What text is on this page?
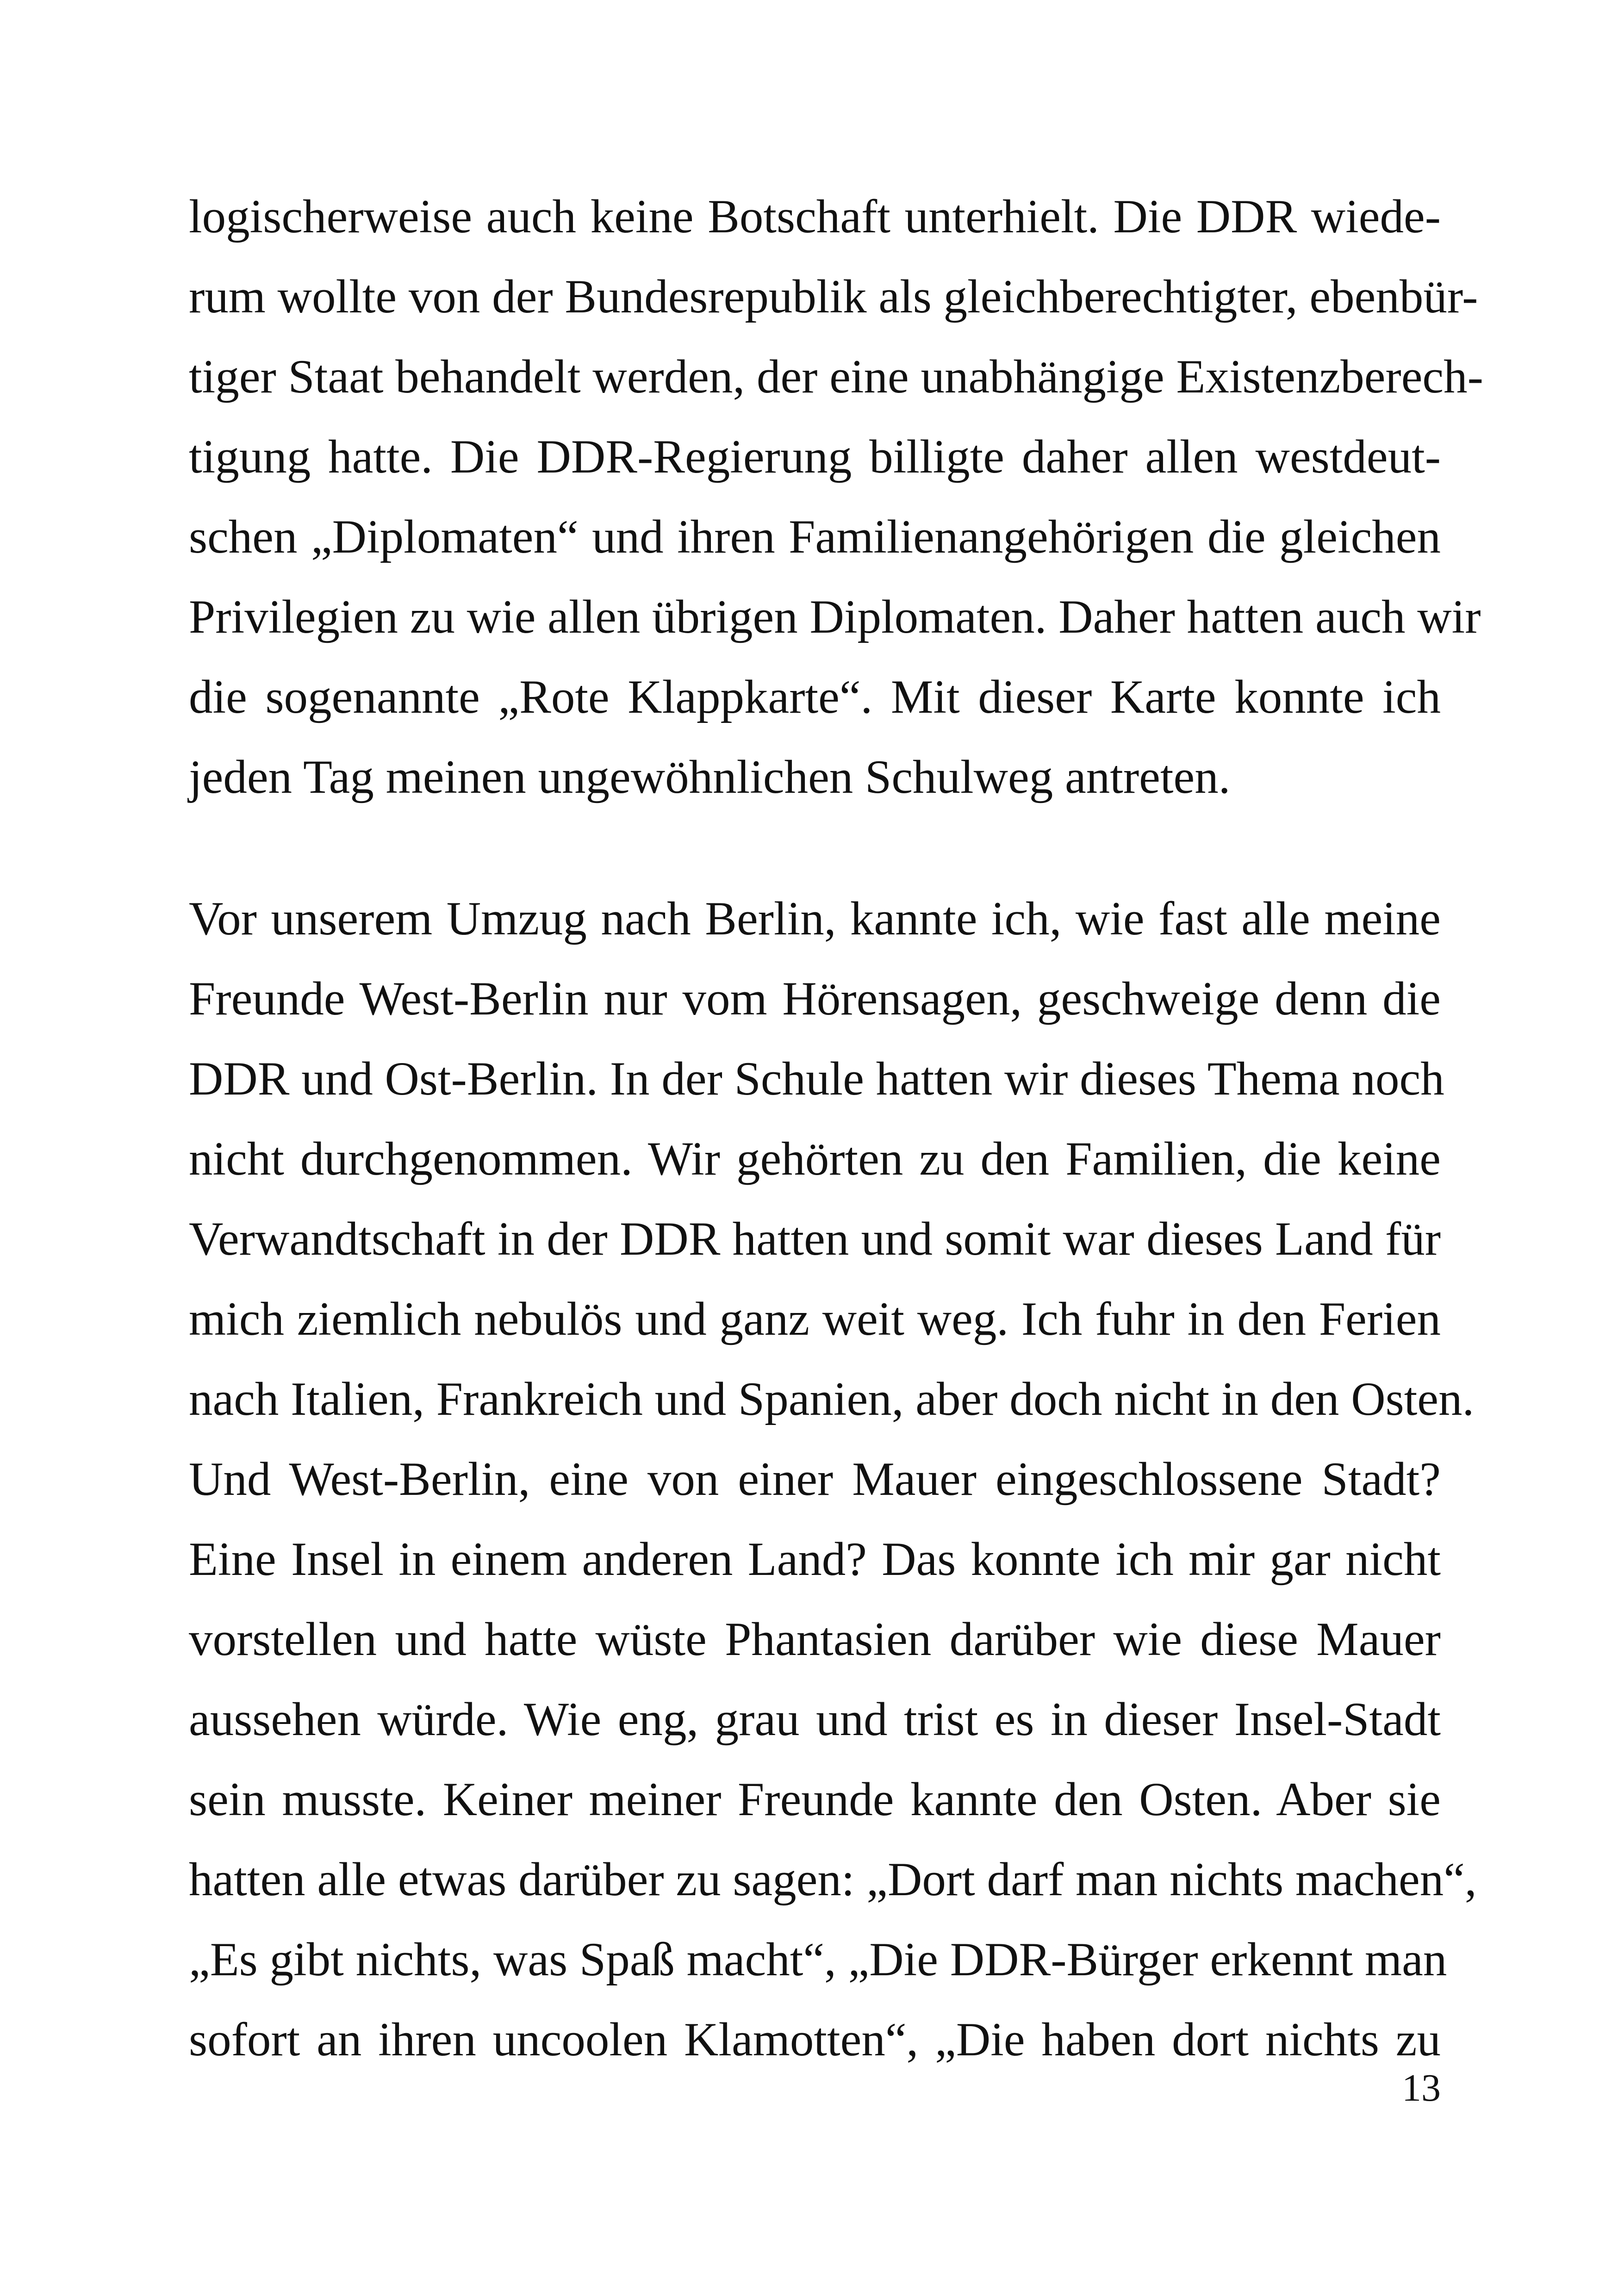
logischerweise auch keine Botschaft unterhielt. Die DDR wiede-
rum wollte von der Bundesrepublik als gleichberechtigter, ebenbür-
tiger Staat behandelt werden, der eine unabhängige Existenzberech-
tigung hatte. Die DDR-Regierung billigte daher allen westdeut-
schen „Diplomaten“ und ihren Familienangehörigen die gleichen
Privilegien zu wie allen übrigen Diplomaten. Daher hatten auch wir
die sogenannte „Rote Klappkarte“. Mit dieser Karte konnte ich
jeden Tag meinen ungewöhnlichen Schulweg antreten.
Vor unserem Umzug nach Berlin, kannte ich, wie fast alle meine
Freunde West-Berlin nur vom Hörensagen, geschweige denn die
DDR und Ost-Berlin. In der Schule hatten wir dieses Thema noch
nicht durchgenommen. Wir gehörten zu den Familien, die keine
Verwandtschaft in der DDR hatten und somit war dieses Land für
mich ziemlich nebulös und ganz weit weg. Ich fuhr in den Ferien
nach Italien, Frankreich und Spanien, aber doch nicht in den Osten.
Und West-Berlin, eine von einer Mauer eingeschlossene Stadt?
Eine Insel in einem anderen Land? Das konnte ich mir gar nicht
vorstellen und hatte wüste Phantasien darüber wie diese Mauer
aussehen würde. Wie eng, grau und trist es in dieser Insel-Stadt
sein musste. Keiner meiner Freunde kannte den Osten. Aber sie
hatten alle etwas darüber zu sagen: „Dort darf man nichts machen“,
„Es gibt nichts, was Spaß macht“, „Die DDR-Bürger erkennt man
sofort an ihren uncoolen Klamotten“, „Die haben dort nichts zu
13
